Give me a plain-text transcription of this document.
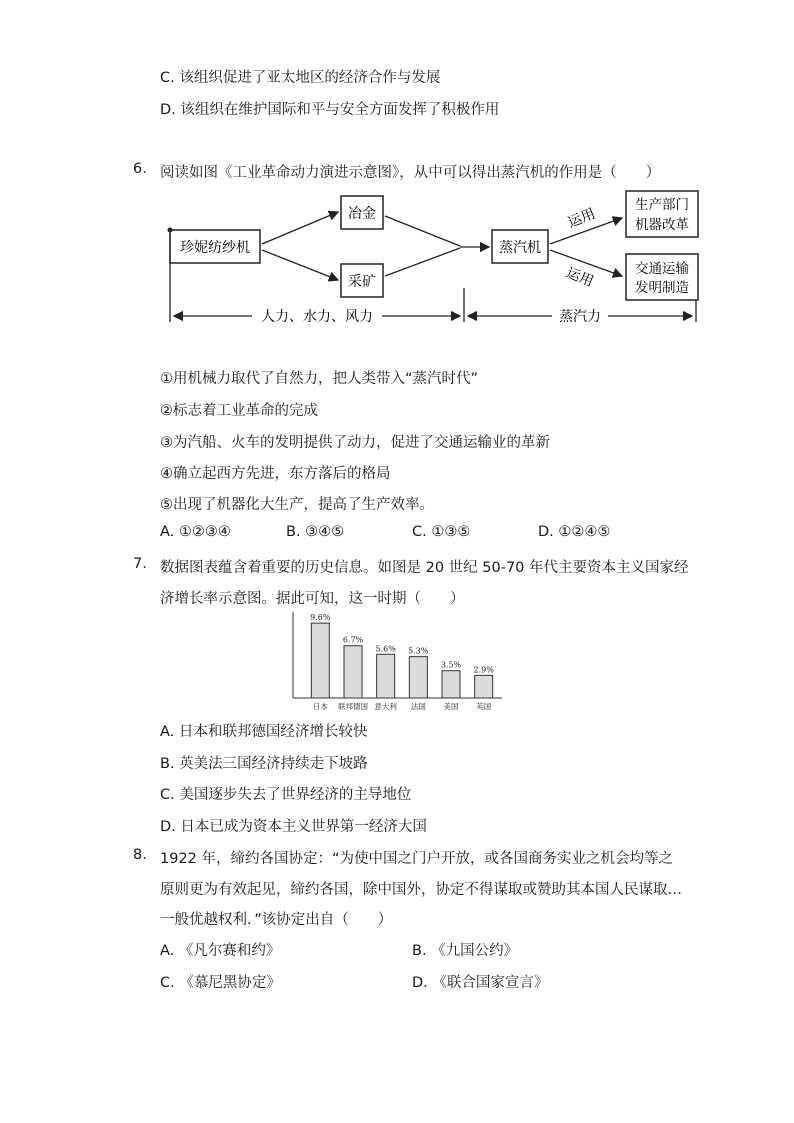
C. 该组织促进了亚太地区的经济合作与发展
D. 该组织在维护国际和平与安全方面发挥了积极作用
6. 阅读如图《工业革命动力演进示意图》，从中可以得出蒸汽机的作用是（　　）
珍妮纺纱机
冶金
采矿
蒸汽机
生产部门
机器改革
交通运输
发明制造
运用
运用
人力、水力、风力	蒸汽力
①用机械力取代了自然力，把人类带入“蒸汽时代”
②标志着工业革命的完成
③为汽船、火车的发明提供了动力，促进了交通运输业的革新
④确立起西方先进，东方落后的格局
⑤出现了机器化大生产，提高了生产效率。
A. ①②③④	B. ③④⑤	C. ①③⑤	D. ①②④⑤
7. 数据图表蕴含着重要的历史信息。如图是 20 世纪 50-70 年代主要资本主义国家经
济增长率示意图。据此可知，这一时期（　　）
9.6%
日本
6.7%
联邦德国
5.6%
意大利
5.3%
法国
3.5%
美国
2.9%
英国
A. 日本和联邦德国经济增长较快
B. 英美法三国经济持续走下坡路
C. 美国逐步失去了世界经济的主导地位
D. 日本已成为资本主义世界第一经济大国
8. 1922 年，缔约各国协定：“为使中国之门户开放，或各国商务实业之机会均等之
原则更为有效起见，缔约各国，除中国外，协定不得谋取或赞助其本国人民谋取…
一般优越权利．”该协定出自（　　）
A. 《凡尔赛和约》	B. 《九国公约》
C. 《慕尼黑协定》	D. 《联合国家宣言》
